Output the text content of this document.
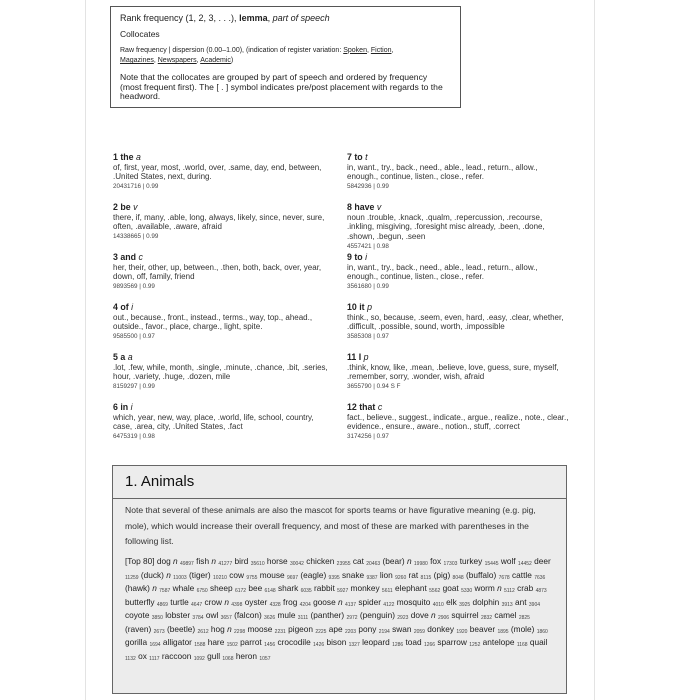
Rank frequency (1, 2, 3, . . .), lemma, part of speech
Collocates
Raw frequency | dispersion (0.00–1.00), (indication of register variation: Spoken, Fiction,
Magazines, Newspapers, Academic)
Note that the collocates are grouped by part of speech and ordered by frequency (most frequent first). The [ . ] symbol indicates pre/post placement with regards to the headword.
1 the a
of, first, year, most, .world, over, .same, day, end, between, .United States, next, during.
20431716 | 0.99
2 be v
there, if, many, .able, long, always, likely, since, never, sure, often, .available, .aware, afraid
14338665 | 0.99
3 and c
her, their, other, up, between., .then, both, back, over, year, down, off, family, friend
9893569 | 0.99
4 of i
out., because., front., instead., terms., way, top., ahead., outside., favor., place, charge., light, spite.
9585500 | 0.97
5 a a
.lot, .few, while, month, .single, .minute, .chance, .bit, .series, hour, .variety, .huge, .dozen, mile
8159297 | 0.99
6 in i
which, year, new, way, place, .world, life, school, country, case, .area, city, .United States, .fact
6475319 | 0.98
7 to t
in, want., try., back., need., able., lead., return., allow., enough., continue, listen., close., refer.
5842936 | 0.99
8 have v
noun .trouble, .knack, .qualm, .repercussion, .recourse, .inkling, misgiving, .foresight misc already, .been, .done, .shown, .begun, .seen
4557421 | 0.98
9 to i
in, want., try., back., need., able., lead., return., allow., enough., continue, listen., close., refer.
3561680 | 0.99
10 it p
think., so, because, .seem, even, hard, .easy, .clear, whether, .difficult, .possible, sound, worth, .impossible
3585308 | 0.97
11 I p
.think, know, like, .mean, .believe, love, guess, sure, myself, .remember, sorry, .wonder, wish, afraid
3655790 | 0.94 S F
12 that c
fact., believe., suggest., indicate., argue., realize., note., clear., evidence., ensure., aware., notion., stuff, .correct
3174256 | 0.97
1. Animals
Note that several of these animals are also the mascot for sports teams or have figurative meaning (e.g. pig, mole), which would increase their overall frequency, and most of these are marked with parentheses in the following list.
[Top 80] dog n $_{49897}$ fish n $_{41277}$ bird $_{35610}$ horse $_{30042}$ chicken $_{23955}$ cat $_{20463}$ (bear) n $_{19980}$ fox $_{17303}$ turkey $_{15445}$ wolf $_{14452}$ deer $_{11259}$ (duck) n $_{11003}$ (tiger) $_{10210}$ cow $_{9755}$ mouse $_{9697}$ (eagle) $_{9395}$ snake $_{9387}$ lion $_{9260}$ rat $_{8115}$ (pig) $_{8048}$ (buffalo) $_{7678}$ cattle $_{7636}$ (hawk) n $_{7587}$ whale $_{6750}$ sheep $_{6172}$ bee $_{6148}$ shark $_{6035}$ rabbit $_{5927}$ monkey $_{5611}$ elephant $_{5562}$ goat $_{5330}$ worm n $_{5112}$ crab $_{4873}$ butterfly $_{4869}$ turtle $_{4647}$ crow n $_{4398}$ oyster $_{4328}$ frog $_{4204}$ goose n $_{4137}$ spider $_{4122}$ mosquito $_{4010}$ elk $_{3925}$ dolphin $_{3913}$ ant $_{3904}$ coyote $_{3850}$ lobster $_{3784}$ owl $_{3657}$ (falcon) $_{3626}$ mule $_{3111}$ (panther) $_{2972}$ (penguin) $_{2923}$ dove n $_{2906}$ squirrel $_{2832}$ camel $_{2825}$ (raven) $_{2673}$ (beetle) $_{2612}$ hog n $_{2298}$ moose $_{2231}$ pigeon $_{2225}$ ape $_{2203}$ pony $_{2194}$ swan $_{2059}$ donkey $_{1920}$ beaver $_{1895}$ (mole) $_{1860}$ gorilla $_{1694}$ alligator $_{1588}$ hare $_{1502}$ parrot $_{1456}$ crocodile $_{1426}$ bison $_{1327}$ leopard $_{1286}$ toad $_{1266}$ sparrow $_{1252}$ antelope $_{1168}$ quail $_{1132}$ ox $_{1117}$ raccoon $_{1092}$ gull $_{1068}$ heron $_{1057}$
